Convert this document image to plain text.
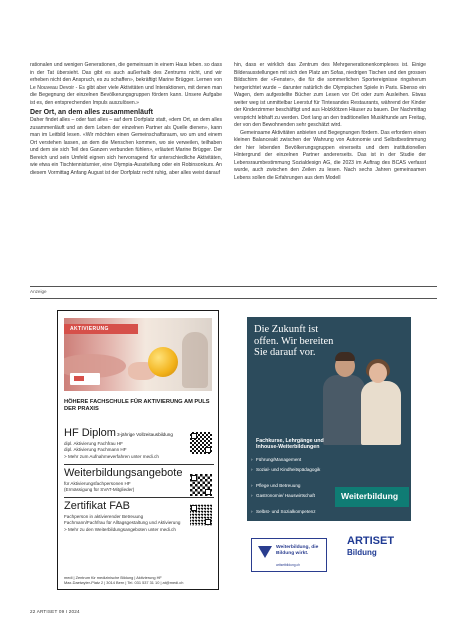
rationalen und wenigen Generationen, die gemeinsam in einem Haus leben. so dass in der Tat übersieht. Das gibt es auch außerhalb des Zentrums nicht, und wir erheben nicht den Anspruch, es zu schaffen», bekräftigt Marine Brügger. Lernen von Le Nouveau Devoir - Es gibt aber viele Aktivitäten und Interaktionen, mit denen man die Begegnung der einzelnen Bevölkerungsgruppen fördern kann. Unsere Aufgabe ist es, den entsprechenden Impuls auszulösen.»

Der Ort, an dem alles zusammenläuft

Daher findet alles – oder fast alles – auf dem Dorfplatz statt, «dem Ort, an dem alles zusammenläuft und an dem Leben der einzelnen Partner als Quelle dienen», kann man im Leitbild lesen. «Wir möchten einen Gemeinschaftsraum, wo um und einem Ort verstehen lassen, an dem die Menschen kommen, wo sie verweilen, teilhaben und dem sie sich Teil des Ganzen verbunden fühlen», erläutert Marine Brügger. Der Bereich und sein Umfeld eignen sich hervorragend für unterschiedliche Aktivitäten, wie etwa ein Tischtennisturnier, eine Olympia-Ausstellung oder ein Robinsonkurs. An diesem Vormittag Anfang August ist der Dorfplatz recht ruhig, aber alles weist darauf

hin, dass er wirklich das Zentrum des Mehrgenerationenkomplexes ist. Einige Bilderausstellungen mit sich den Platz am Sofas, niedrigen Tischen und den grossen Bildschirm der «Fenster», die für die sommerlichen Sportereignisse ringsherum hergerichtet wurde – darunter natürlich die Olympischen Spiele in Paris. Ebenso ein Wagen, dem aufgestellte Bücher zum Lesen vor Ort oder zum Ausleihen. Etwas weiter weg ist unmittelbar Leerstuf für Tintesandes Restaurants, während der Kinder der Kinderzimmer beschäftigt und aus Holzklötzen Häuser zu bauen. Der Nachmittag verspricht lebhaft zu werden. Dort lang an den traditionellen Musikfrunde am Freitag, der von den Bewohnenden sehr geschätzt wird.

Gemeinsame Aktivitäten anbieten und Begegnungen fördern. Das erfordern einen kleinen Balanceakt zwischen der Wahrung von Autonomie und Selbstbestimmung der hier lebenden Bevölkerungsgruppen einerseits und dem institutionellen Hintergrund der einzelnen Partner andererseits. Das ist in der Studie der Lebensraumbestimmung Sozialdesign AG, die 2023 im Auftrag des BCAS verfasst wurde, auch zwischen den Zeilen zu lesen. Nach sechs Jahren gemeinsamen Lebens sollen die Erfahrungen aus dem Modell

Anzeige
AKTIVIERUNG
HÖHERE FACHSCHULE FÜR AKTIVIERUNG AM PULS DER PRAXIS
HF Diplom3-jährige Vollzeitausbildung
dipl. Aktivierung Fachfrau HF
dipl. Aktivierung Fachmann HF
> Mehr zum Aufnahmeverfahren unter medi.ch
Weiterbildungsangebote
für Aktivierungsfachpersonen HF
(Ermässigung für SVAT-Mitglieder)
Zertifikat FAB
Fachperson in aktivierender Betreuung
Fachmann/Fachfrau für Alltagsgestaltung und Aktivierung
> Mehr zu den Weiterbildungsangeboten unter medi.ch
medi | Zentrum für medizinische Bildung | Aktivierung HF
Max-Daetwyler-Platz 2 | 3014 Bern | Tel. 031 537 31 10 | at@medi.ch
Die Zukunft ist offen. Wir bereiten Sie darauf vor.
Fachkurse, Lehrgänge und Inhouse-Weiterbildungen
› Führung/Management
› Sozial- und Kindheitspädagogik
› Pflege und Betreuung
› Gastronomie/ Hauswirtschaft
› Selbst- und Sozialkompetenz
Weiterbildung
Weiterbildung, die Bildung wirkt.
artisetbildung.ch
ARTISET
Bildung
22 ARTISET 09 I 2024
